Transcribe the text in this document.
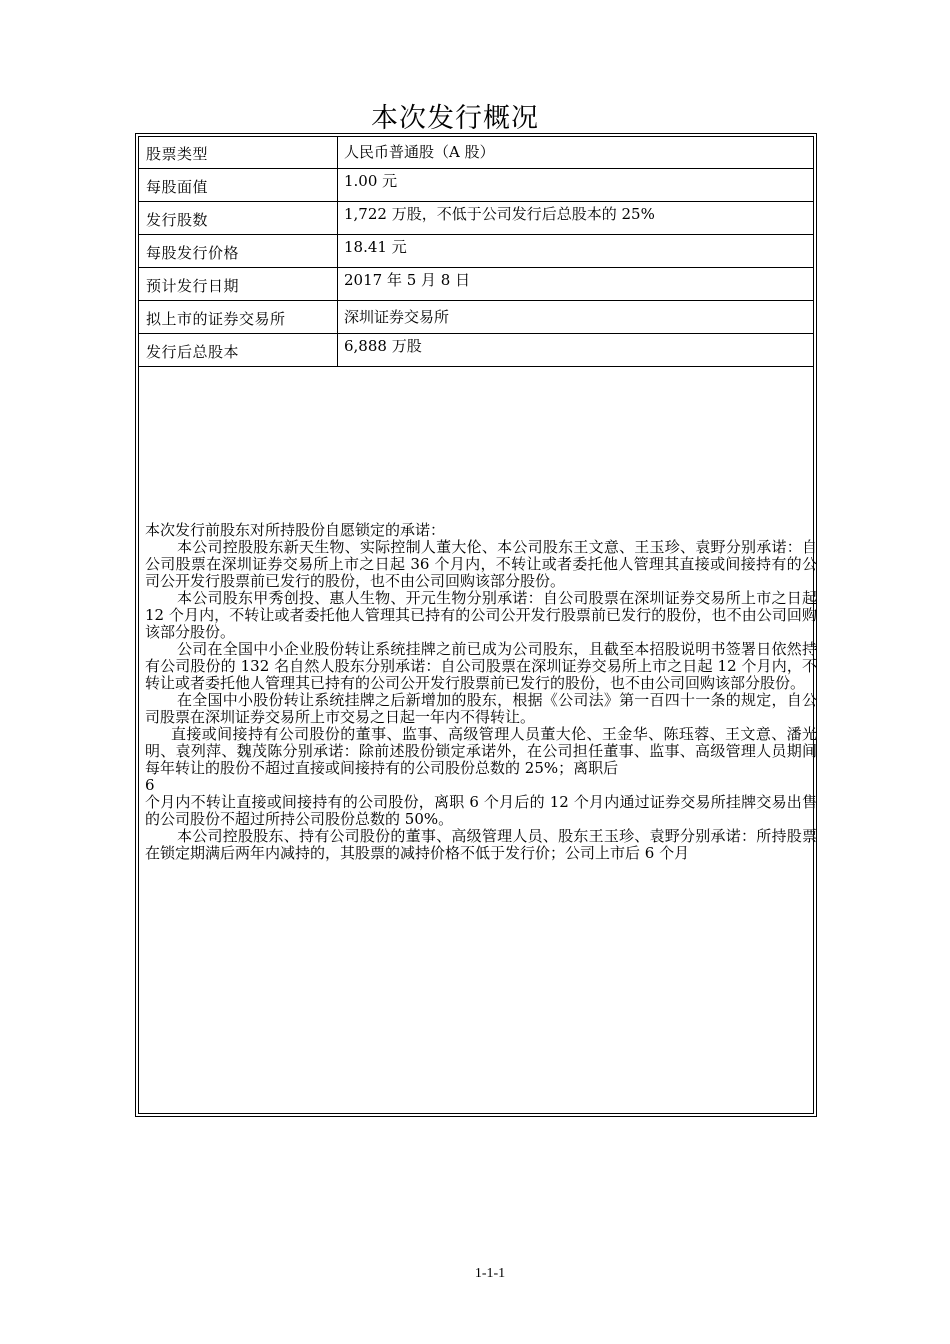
本次发行概况
股票类型	人民币普通股（A 股）
每股面值	1.00 元
发行股数	1,722 万股，不低于公司发行后总股本的 25%
每股发行价格	18.41 元
预计发行日期	2017 年 5 月 8 日
拟上市的证券交易所	深圳证券交易所
发行后总股本	6,888 万股

本次发行前股东对所持股份自愿锁定的承诺：

本公司控股股东新天生物、实际控制人董大伦、本公司股东王文意、王玉珍、袁野分别承诺：自公司股票在深圳证券交易所上市之日起 36 个月内，不转让或者委托他人管理其直接或间接持有的公司公开发行股票前已发行的股份，也不由公司回购该部分股份。

本公司股东甲秀创投、惠人生物、开元生物分别承诺：自公司股票在深圳证券交易所上市之日起 12 个月内，不转让或者委托他人管理其已持有的公司公开发行股票前已发行的股份，也不由公司回购该部分股份。

公司在全国中小企业股份转让系统挂牌之前已成为公司股东，且截至本招股说明书签署日依然持有公司股份的 132 名自然人股东分别承诺：自公司股票在深圳证券交易所上市之日起 12 个月内，不转让或者委托他人管理其已持有的公司公开发行股票前已发行的股份，也不由公司回购该部分股份。

在全国中小股份转让系统挂牌之后新增加的股东，根据《公司法》第一百四十一条的规定，自公司股票在深圳证券交易所上市交易之日起一年内不得转让。

直接或间接持有公司股份的董事、监事、高级管理人员董大伦、王金华、陈珏蓉、王文意、潘光明、袁列萍、魏茂陈分别承诺：除前述股份锁定承诺外，在公司担任董事、监事、高级管理人员期间每年转让的股份不超过直接或间接持有的公司股份总数的 25%；离职后

6

个月内不转让直接或间接持有的公司股份，离职 6 个月后的 12 个月内通过证券交易所挂牌交易出售的公司股份不超过所持公司股份总数的 50%。

本公司控股股东、持有公司股份的董事、高级管理人员、股东王玉珍、袁野分别承诺：所持股票在锁定期满后两年内减持的，其股票的减持价格不低于发行价；公司上市后 6 个月

1-1-1
